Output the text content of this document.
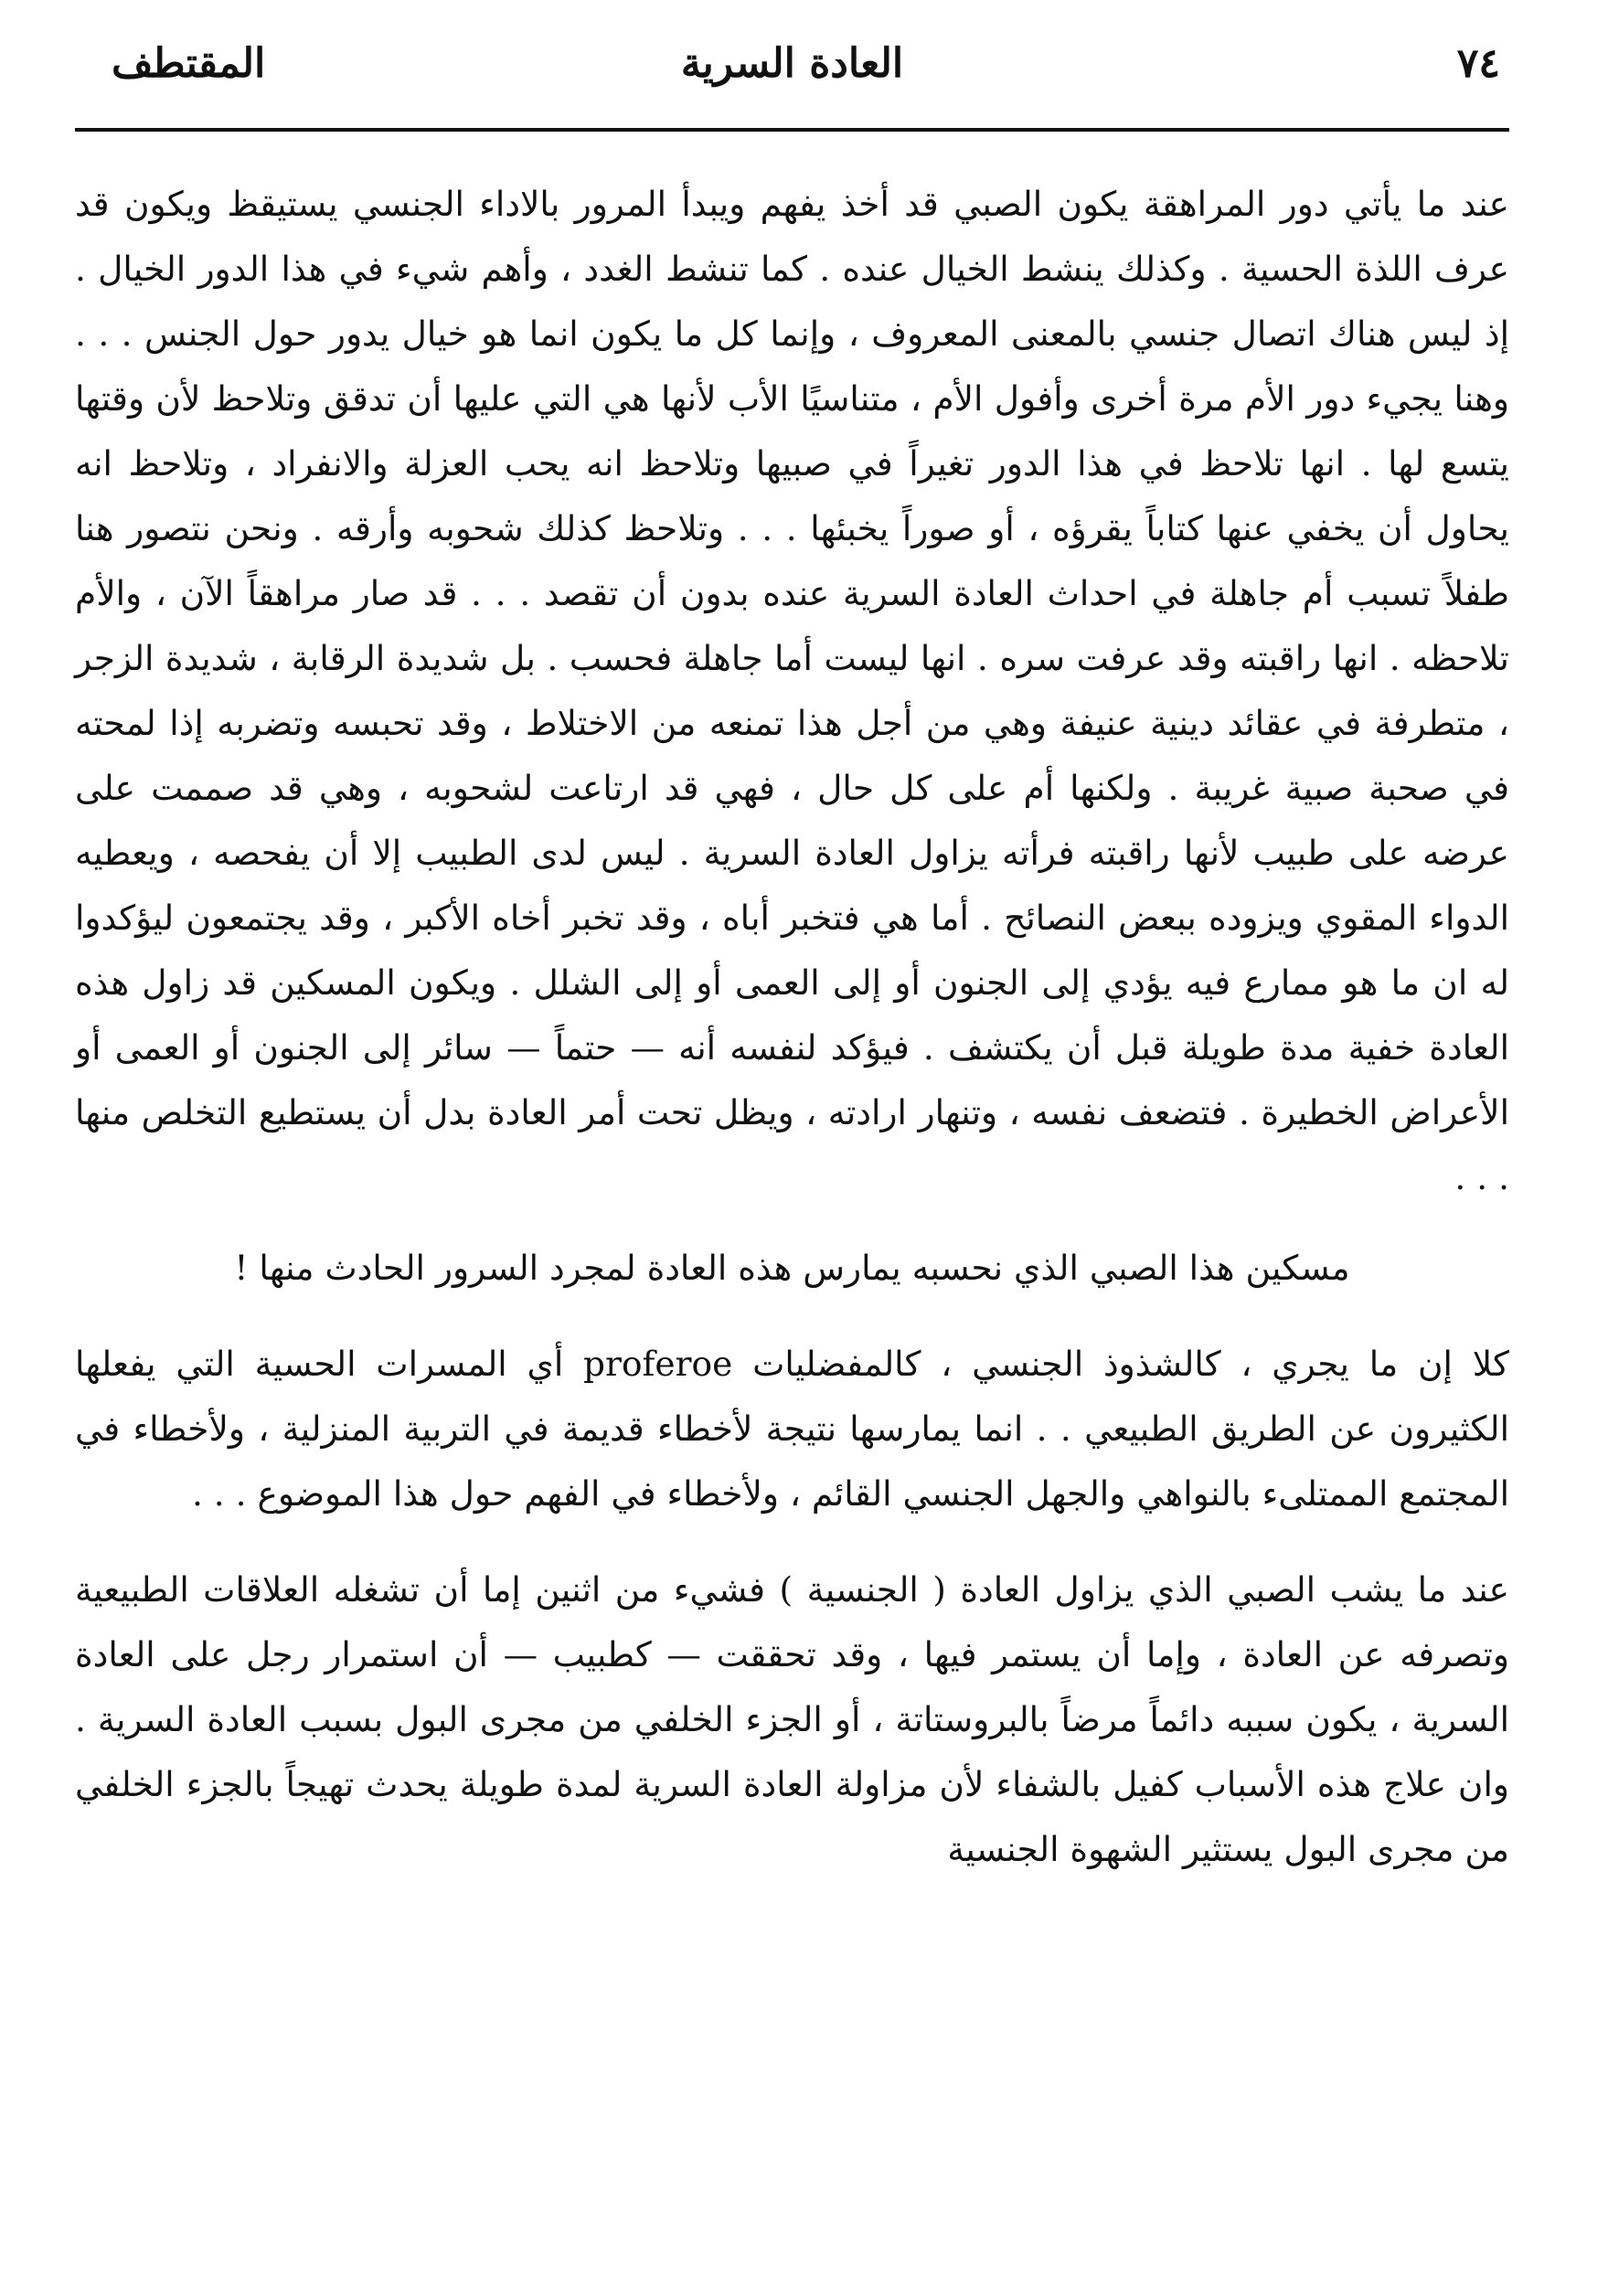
٧٤
العادة السرية
المقتطف

عند ما يأتي دور المراهقة يكون الصبي قد أخذ يفهم ويبدأ المرور بالاداء الجنسي يستيقظ ويكون قد عرف اللذة الحسية . وكذلك ينشط الخيال عنده . كما تنشط الغدد ، وأهم شيء في هذا الدور الخيال . إذ ليس هناك اتصال جنسي بالمعنى المعروف ، وإنما كل ما يكون انما هو خيال يدور حول الجنس . . . وهنا يجيء دور الأم مرة أخرى وأفول الأم ، متناسيًا الأب لأنها هي التي عليها أن تدقق وتلاحظ لأن وقتها يتسع لها . انها تلاحظ في هذا الدور تغيراً في صبيها وتلاحظ انه يحب العزلة والانفراد ، وتلاحظ انه يحاول أن يخفي عنها كتاباً يقرؤه ، أو صوراً يخبئها . . . وتلاحظ كذلك شحوبه وأرقه . ونحن نتصور هنا طفلاً تسبب أم جاهلة في احداث العادة السرية عنده بدون أن تقصد . . . قد صار مراهقاً الآن ، والأم تلاحظه . انها راقبته وقد عرفت سره . انها ليست أما جاهلة فحسب . بل شديدة الرقابة ، شديدة الزجر ، متطرفة في عقائد دينية عنيفة وهي من أجل هذا تمنعه من الاختلاط ، وقد تحبسه وتضربه إذا لمحته في صحبة صبية غريبة . ولكنها أم على كل حال ، فهي قد ارتاعت لشحوبه ، وهي قد صممت على عرضه على طبيب لأنها راقبته فرأته يزاول العادة السرية . ليس لدى الطبيب إلا أن يفحصه ، ويعطيه الدواء المقوي ويزوده ببعض النصائح . أما هي فتخبر أباه ، وقد تخبر أخاه الأكبر ، وقد يجتمعون ليؤكدوا له ان ما هو ممارع فيه يؤدي إلى الجنون أو إلى العمى أو إلى الشلل . ويكون المسكين قد زاول هذه العادة خفية مدة طويلة قبل أن يكتشف . فيؤكد لنفسه أنه — حتماً — سائر إلى الجنون أو العمى أو الأعراض الخطيرة . فتضعف نفسه ، وتنهار ارادته ، ويظل تحت أمر العادة بدل أن يستطيع التخلص منها . . .

مسكين هذا الصبي الذي نحسبه يمارس هذه العادة لمجرد السرور الحادث منها !

كلا إن ما يجري ، كالشذوذ الجنسي ، كالمفضليات proferoe أي المسرات الحسية التي يفعلها الكثيرون عن الطريق الطبيعي . . انما يمارسها نتيجة لأخطاء قديمة في التربية المنزلية ، ولأخطاء في المجتمع الممتلىء بالنواهي والجهل الجنسي القائم ، ولأخطاء في الفهم حول هذا الموضوع . . .

عند ما يشب الصبي الذي يزاول العادة ( الجنسية ) فشيء من اثنين إما أن تشغله العلاقات الطبيعية وتصرفه عن العادة ، وإما أن يستمر فيها ، وقد تحققت — كطبيب — أن استمرار رجل على العادة السرية ، يكون سببه دائماً مرضاً بالبروستاتة ، أو الجزء الخلفي من مجرى البول بسبب العادة السرية . وان علاج هذه الأسباب كفيل بالشفاء لأن مزاولة العادة السرية لمدة طويلة يحدث تهيجاً بالجزء الخلفي من مجرى البول يستثير الشهوة الجنسية
